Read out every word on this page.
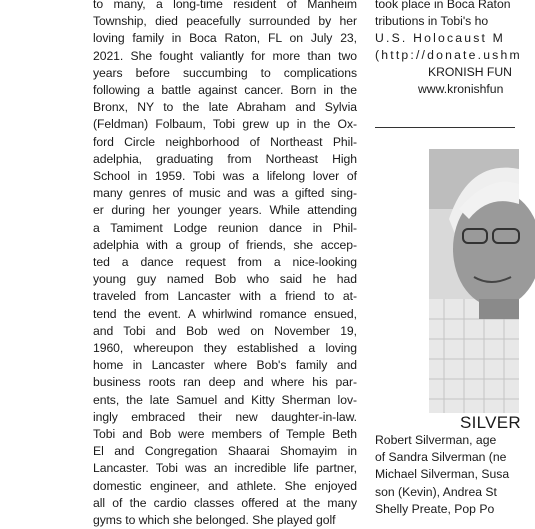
to many, a long-time resident of Manheim
Township, died peacefully surrounded by her
loving family in Boca Raton, FL on July 23,
2021. She fought valiantly for more than two
years before succumbing to complications
following a battle against cancer. Born in the
Bronx, NY to the late Abraham and Sylvia
(Feldman) Folbaum, Tobi grew up in the Ox-
ford Circle neighborhood of Northeast Phil-
adelphia, graduating from Northeast High
School in 1959. Tobi was a lifelong lover of
many genres of music and was a gifted sing-
er during her younger years. While attending
a Tamiment Lodge reunion dance in Phil-
adelphia with a group of friends, she accep-
ted a dance request from a nice-looking
young guy named Bob who said he had
traveled from Lancaster with a friend to at-
tend the event. A whirlwind romance ensued,
and Tobi and Bob wed on November 19,
1960, whereupon they established a loving
home in Lancaster where Bob's family and
business roots ran deep and where his par-
ents, the late Samuel and Kitty Sherman lov-
ingly embraced their new daughter-in-law.
Tobi and Bob were members of Temple Beth
El and Congregation Shaarai Shomayim in
Lancaster. Tobi was an incredible life partner,
domestic engineer, and athlete. She enjoyed
all of the cardio classes offered at the many
gyms to which she belonged. She played golf
took place in Boca Raton
tributions in Tobi's ho
U.S. Holocaust M
(http://donate.ushm
KRONISH FUN
www.kronishfun
SILVER
Robert Silverman, age
of Sandra Silverman (ne
Michael Silverman, Susa
son (Kevin), Andrea St
Shelly Preate, Pop Po
